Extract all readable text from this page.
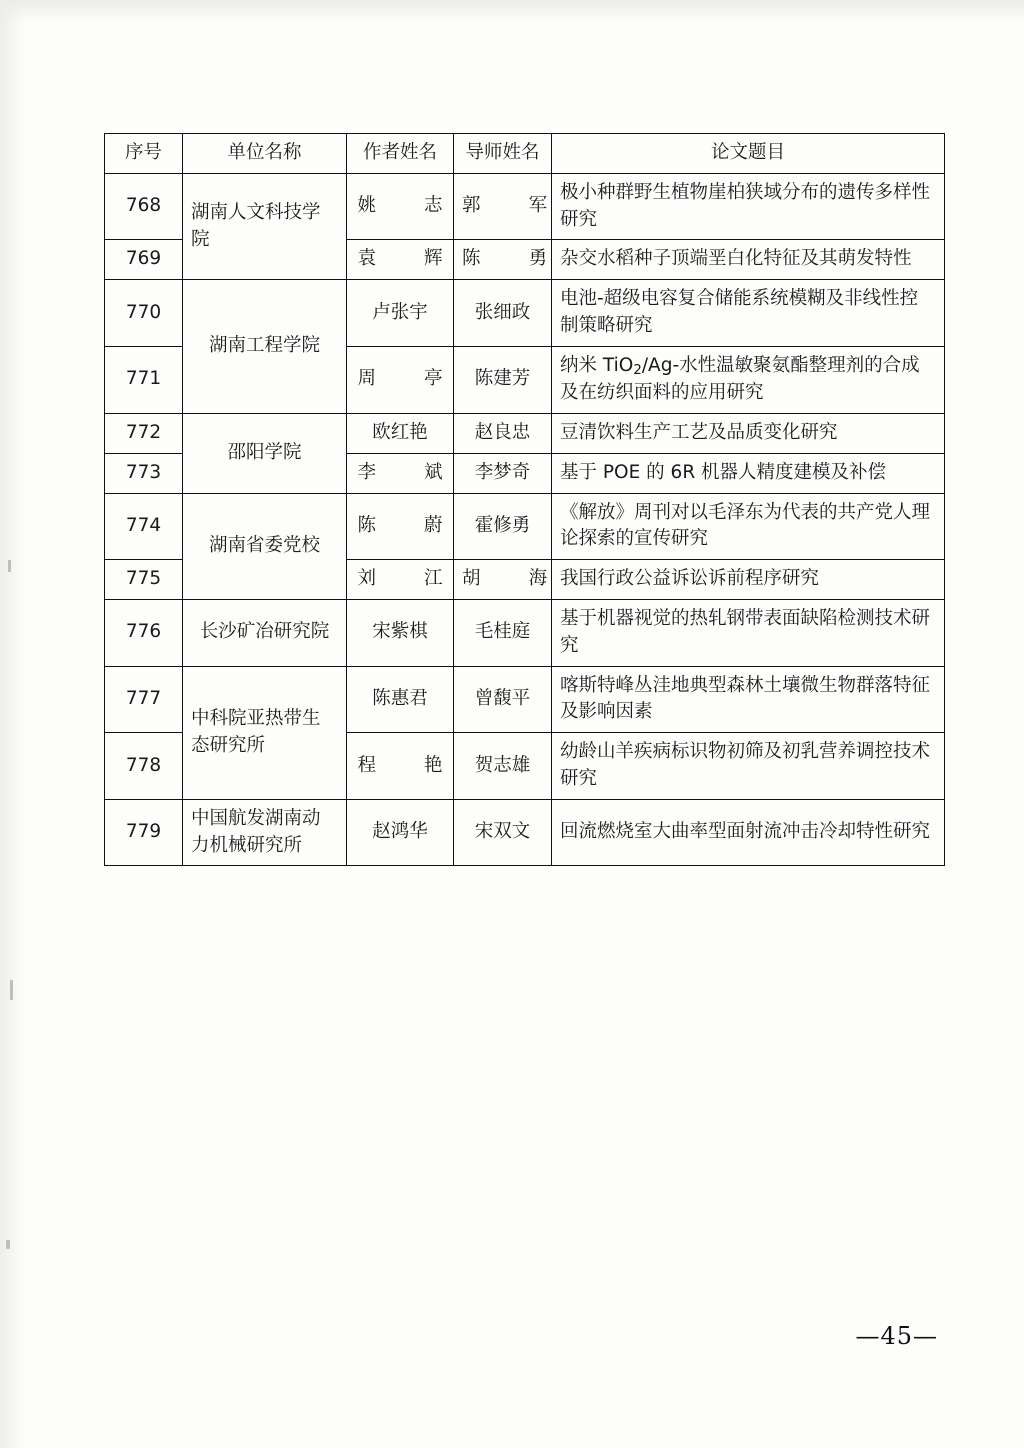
序号	单位名称	作者姓名	导师姓名	论文题目
768	湖南人文科技学院	姚 志	郭 军	极小种群野生植物崖柏狭域分布的遗传多样性研究
769		袁 辉	陈 勇	杂交水稻种子顶端垩白化特征及其萌发特性
770	湖南工程学院	卢张宇	张细政	电池-超级电容复合储能系统模糊及非线性控制策略研究
771		周 亭	陈建芳	纳米 TiO$_2$/Ag-水性温敏聚氨酯整理剂的合成及在纺织面料的应用研究
772	邵阳学院	欧红艳	赵良忠	豆清饮料生产工艺及品质变化研究
773		李 斌	李梦奇	基于 POE 的 6R 机器人精度建模及补偿
774	湖南省委党校	陈 蔚	霍修勇	《解放》周刊对以毛泽东为代表的共产党人理论探索的宣传研究
775		刘 江	胡 海	我国行政公益诉讼诉前程序研究
776	长沙矿冶研究院	宋紫棋	毛桂庭	基于机器视觉的热轧钢带表面缺陷检测技术研究
777	中科院亚热带生态研究所	陈惠君	曾馥平	喀斯特峰丛洼地典型森林土壤微生物群落特征及影响因素
778		程 艳	贺志雄	幼龄山羊疾病标识物初筛及初乳营养调控技术研究
779	中国航发湖南动力机械研究所	赵鸿华	宋双文	回流燃烧室大曲率型面射流冲击冷却特性研究
—45—
